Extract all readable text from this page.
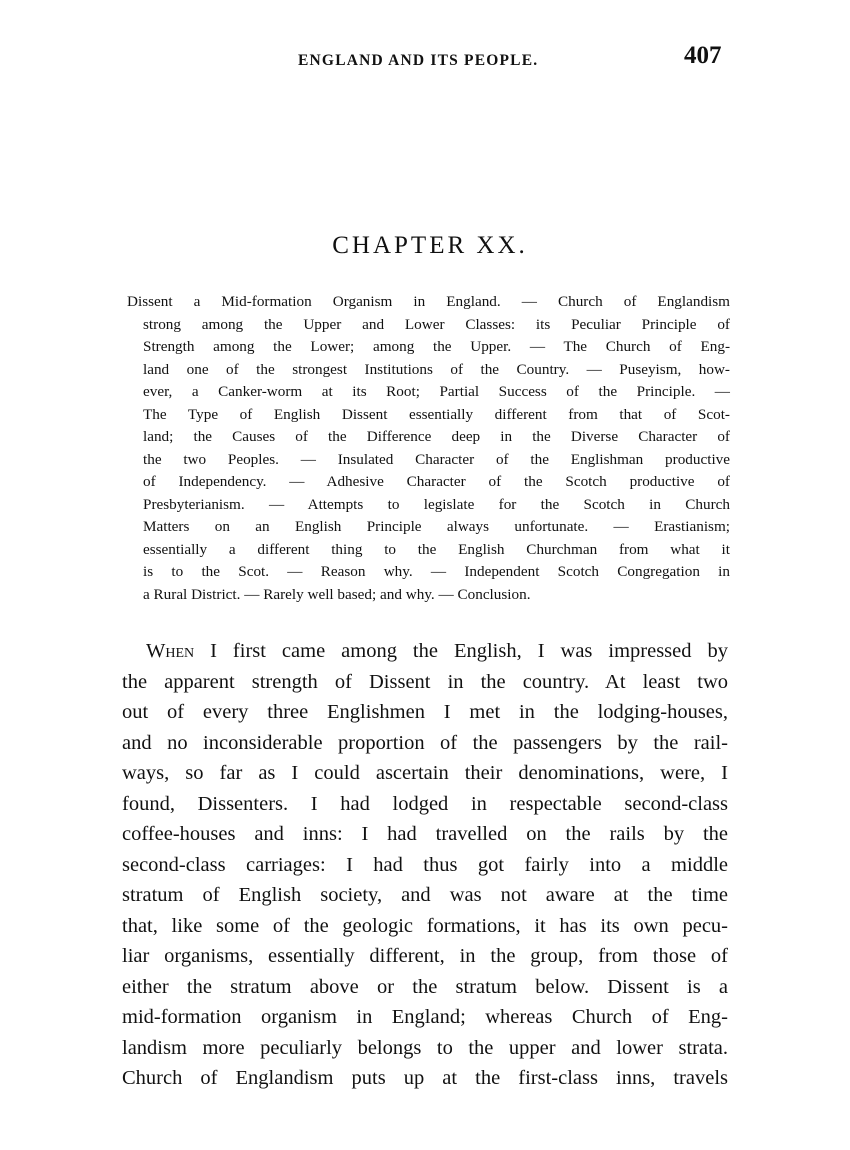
ENGLAND AND ITS PEOPLE.	407
CHAPTER XX.
Dissent a Mid-formation Organism in England. — Church of Englandism
strong among the Upper and Lower Classes: its Peculiar Principle of
Strength among the Lower; among the Upper. — The Church of Eng-
land one of the strongest Institutions of the Country. — Puseyism, how-
ever, a Canker-worm at its Root; Partial Success of the Principle. —
The Type of English Dissent essentially different from that of Scot-
land; the Causes of the Difference deep in the Diverse Character of
the two Peoples. — Insulated Character of the Englishman productive
of Independency. — Adhesive Character of the Scotch productive of
Presbyterianism. — Attempts to legislate for the Scotch in Church
Matters on an English Principle always unfortunate. — Erastianism;
essentially a different thing to the English Churchman from what it
is to the Scot. — Reason why. — Independent Scotch Congregation in
a Rural District. — Rarely well based; and why. — Conclusion.
When I first came among the English, I was impressed by
the apparent strength of Dissent in the country. At least two
out of every three Englishmen I met in the lodging-houses,
and no inconsiderable proportion of the passengers by the rail-
ways, so far as I could ascertain their denominations, were, I
found, Dissenters. I had lodged in respectable second-class
coffee-houses and inns: I had travelled on the rails by the
second-class carriages: I had thus got fairly into a middle
stratum of English society, and was not aware at the time
that, like some of the geologic formations, it has its own pecu-
liar organisms, essentially different, in the group, from those of
either the stratum above or the stratum below. Dissent is a
mid-formation organism in England; whereas Church of Eng-
landism more peculiarly belongs to the upper and lower strata.
Church of Englandism puts up at the first-class inns, travels
